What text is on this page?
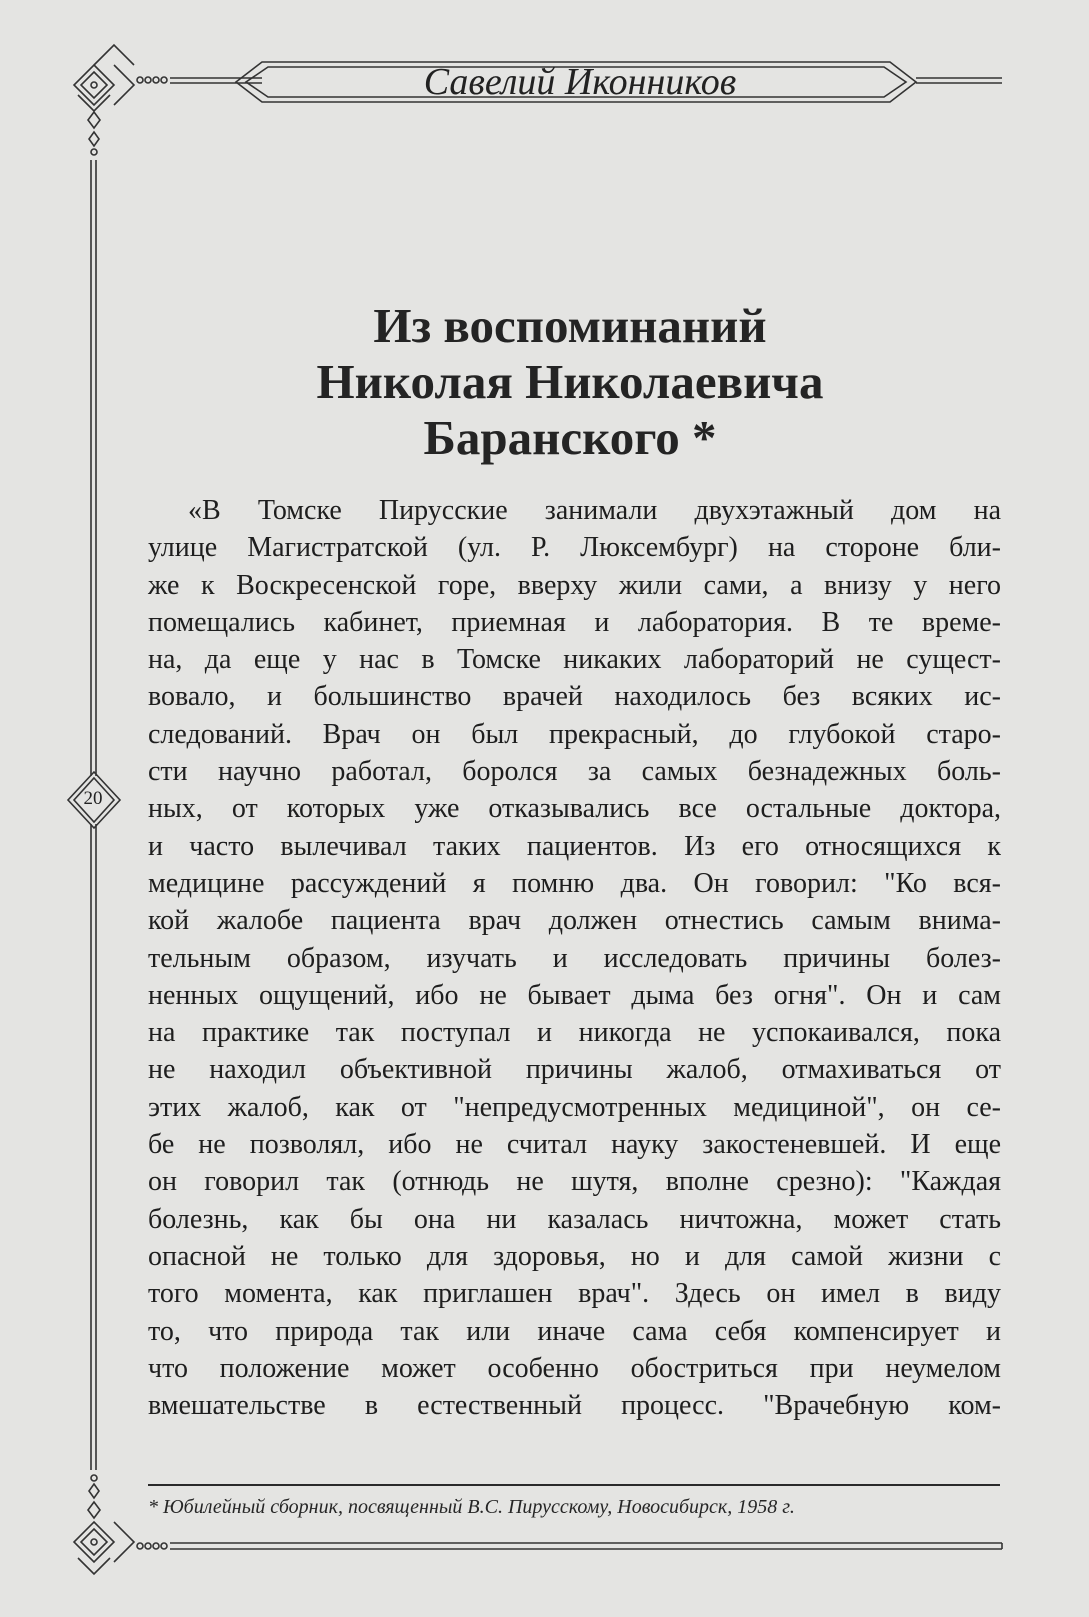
Савелий Иконников
20
Из воспоминаний
Николая Николаевича
Баранского *
«В Томске Пирусские занимали двухэтажный дом на
улице Магистратской (ул. Р. Люксембург) на стороне бли-
же к Воскресенской горе, вверху жили сами, а внизу у него
помещались кабинет, приемная и лаборатория. В те време-
на, да еще у нас в Томске никаких лабораторий не сущест-
вовало, и большинство врачей находилось без всяких ис-
следований. Врач он был прекрасный, до глубокой старо-
сти научно работал, боролся за самых безнадежных боль-
ных, от которых уже отказывались все остальные доктора,
и часто вылечивал таких пациентов. Из его относящихся к
медицине рассуждений я помню два. Он говорил: "Ко вся-
кой жалобе пациента врач должен отнестись самым внима-
тельным образом, изучать и исследовать причины болез-
ненных ощущений, ибо не бывает дыма без огня". Он и сам
на практике так поступал и никогда не успокаивался, пока
не находил объективной причины жалоб, отмахиваться от
этих жалоб, как от "непредусмотренных медициной", он се-
бе не позволял, ибо не считал науку закостеневшей. И еще
он говорил так (отнюдь не шутя, вполне срезно): "Каждая
болезнь, как бы она ни казалась ничтожна, может стать
опасной не только для здоровья, но и для самой жизни с
того момента, как приглашен врач". Здесь он имел в виду
то, что природа так или иначе сама себя компенсирует и
что положение может особенно обостриться при неумелом
вмешательстве в естественный процесс. "Врачебную ком-
* Юбилейный сборник, посвященный В.С. Пирусскому, Новосибирск, 1958 г.
